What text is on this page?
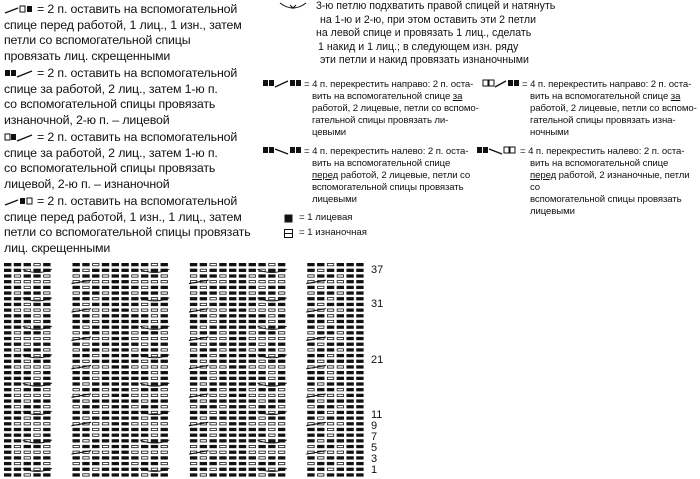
= 2 п. оставить на вспомогательной
спице перед работой, 1 лиц., 1 изн., затем
петли со вспомогательной спицы
провязать лиц. скрещенными
= 2 п. оставить на вспомогательной
спице за работой, 2 лиц., затем 1-ю п.
со вспомогательной спицы провязать
изнаночной, 2-ю п. – лицевой
= 2 п. оставить на вспомогательной
спице за работой, 2 лиц., затем 1-ю п.
со вспомогательной спицы провязать
лицевой, 2-ю п. – изнаночной
= 2 п. оставить на вспомогательной
спице перед работой, 1 изн., 1 лиц., затем
петли со вспомогательной спицы провязать
лиц. скрещенными
3-ю петлю подхватить правой спицей и натянуть
на 1-ю и 2-ю, при этом оставить эти 2 петли
на левой спице и провязать 1 лиц., сделать
1 накид и 1 лиц.; в следующем изн. ряду
эти петли и накид провязать изнаночными
= 4 п. перекрестить направо: 2 п. оста-
вить на вспомогательной спице за
работой, 2 лицевые, петли со вспомо-
гательной спицы провязать ли-
цевыми
= 4 п. перекрестить налево: 2 п. оста-
вить на вспомогательной спице
перед работой, 2 лицевые, петли со
вспомогательной спицы провязать
лицевыми
= 4 п. перекрестить направо: 2 п. оста-
вить на вспомогательной спице за
работой, 2 лицевые, петли со вспомо-
гательной спицы провязать изна-
ночными
= 4 п. перекрестить налево: 2 п. оста-
вить на вспомогательной спице
перед работой, 2 изнаночные, петли со
вспомогательной спицы провязать
лицевыми
= 1 лицевая
= 1 изнаночная
37
31
21
11
9
7
5
3
1
